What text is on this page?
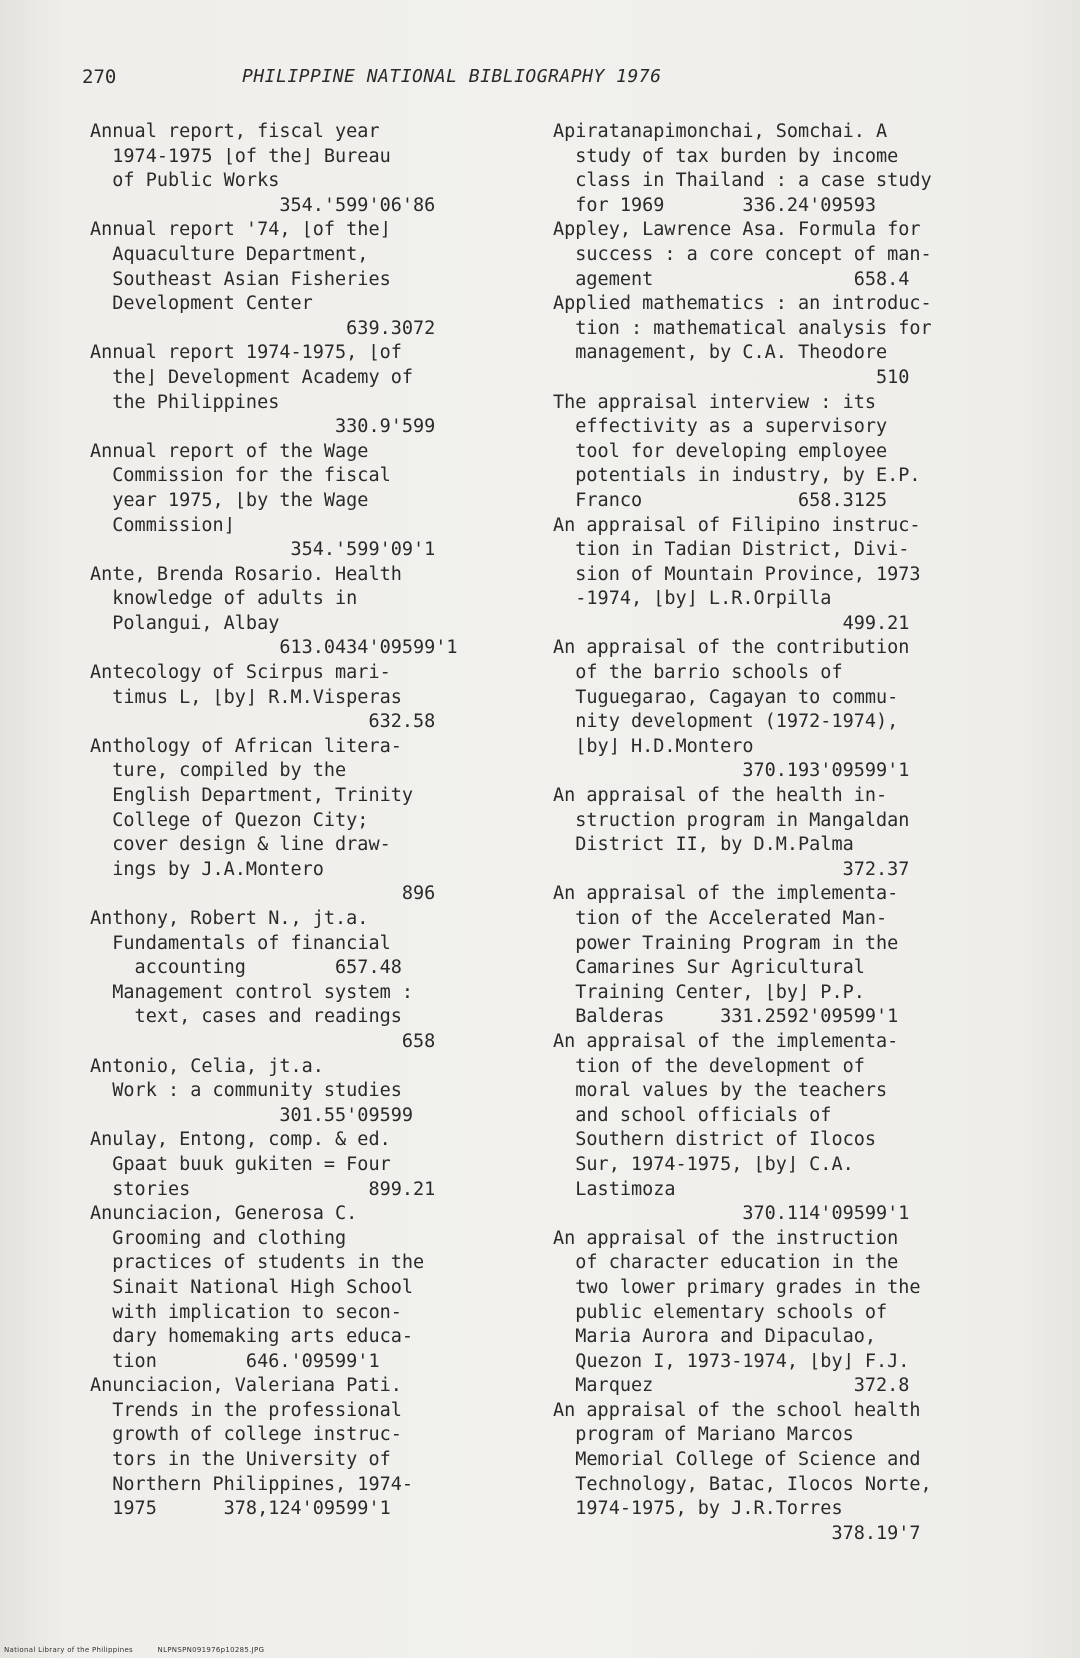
270	PHILIPPINE NATIONAL BIBLIOGRAPHY 1976
Annual report, fiscal year
1974-1975 ⌊of the⌋ Bureau
of Public Works
354.'599'06'86
Annual report '74, ⌊of the⌋
Aquaculture Department,
Southeast Asian Fisheries
Development Center
639.3072
Annual report 1974-1975, ⌊of
the⌋ Development Academy of
the Philippines
330.9'599
Annual report of the Wage
Commission for the fiscal
year 1975, ⌊by the Wage
Commission⌋
354.'599'09'1
Ante, Brenda Rosario. Health
knowledge of adults in
Polangui, Albay
613.0434'09599'1
Antecology of Scirpus mari-
timus L, ⌊by⌋ R.M.Visperas
632.58
Anthology of African litera-
ture, compiled by the
English Department, Trinity
College of Quezon City;
cover design & line draw-
ings by J.A.Montero
896
Anthony, Robert N., jt.a.
Fundamentals of financial
accounting        657.48
Management control system :
text, cases and readings
658
Antonio, Celia, jt.a.
Work : a community studies
301.55'09599
Anulay, Entong, comp. & ed.
Gpaat buuk gukiten = Four
stories                899.21
Anunciacion, Generosa C.
Grooming and clothing
practices of students in the
Sinait National High School
with implication to secon-
dary homemaking arts educa-
tion        646.'09599'1
Anunciacion, Valeriana Pati.
Trends in the professional
growth of college instruc-
tors in the University of
Northern Philippines, 1974-
1975      378,124'09599'1
Apiratanapimonchai, Somchai. A
study of tax burden by income
class in Thailand : a case study
for 1969       336.24'09593
Appley, Lawrence Asa. Formula for
success : a core concept of man-
agement                  658.4
Applied mathematics : an introduc-
tion : mathematical analysis for
management, by C.A. Theodore
510
The appraisal interview : its
effectivity as a supervisory
tool for developing employee
potentials in industry, by E.P.
Franco              658.3125
An appraisal of Filipino instruc-
tion in Tadian District, Divi-
sion of Mountain Province, 1973
-1974, ⌊by⌋ L.R.Orpilla
499.21
An appraisal of the contribution
of the barrio schools of
Tuguegarao, Cagayan to commu-
nity development (1972-1974),
⌊by⌋ H.D.Montero
370.193'09599'1
An appraisal of the health in-
struction program in Mangaldan
District II, by D.M.Palma
372.37
An appraisal of the implementa-
tion of the Accelerated Man-
power Training Program in the
Camarines Sur Agricultural
Training Center, ⌊by⌋ P.P.
Balderas     331.2592'09599'1
An appraisal of the implementa-
tion of the development of
moral values by the teachers
and school officials of
Southern district of Ilocos
Sur, 1974-1975, ⌊by⌋ C.A.
Lastimoza
370.114'09599'1
An appraisal of the instruction
of character education in the
two lower primary grades in the
public elementary schools of
Maria Aurora and Dipaculao,
Quezon I, 1973-1974, ⌊by⌋ F.J.
Marquez                  372.8
An appraisal of the school health
program of Mariano Marcos
Memorial College of Science and
Technology, Batac, Ilocos Norte,
1974-1975, by J.R.Torres
378.19'7
National Library of the Philippines	NLPNSPN091976p10285.JPG
